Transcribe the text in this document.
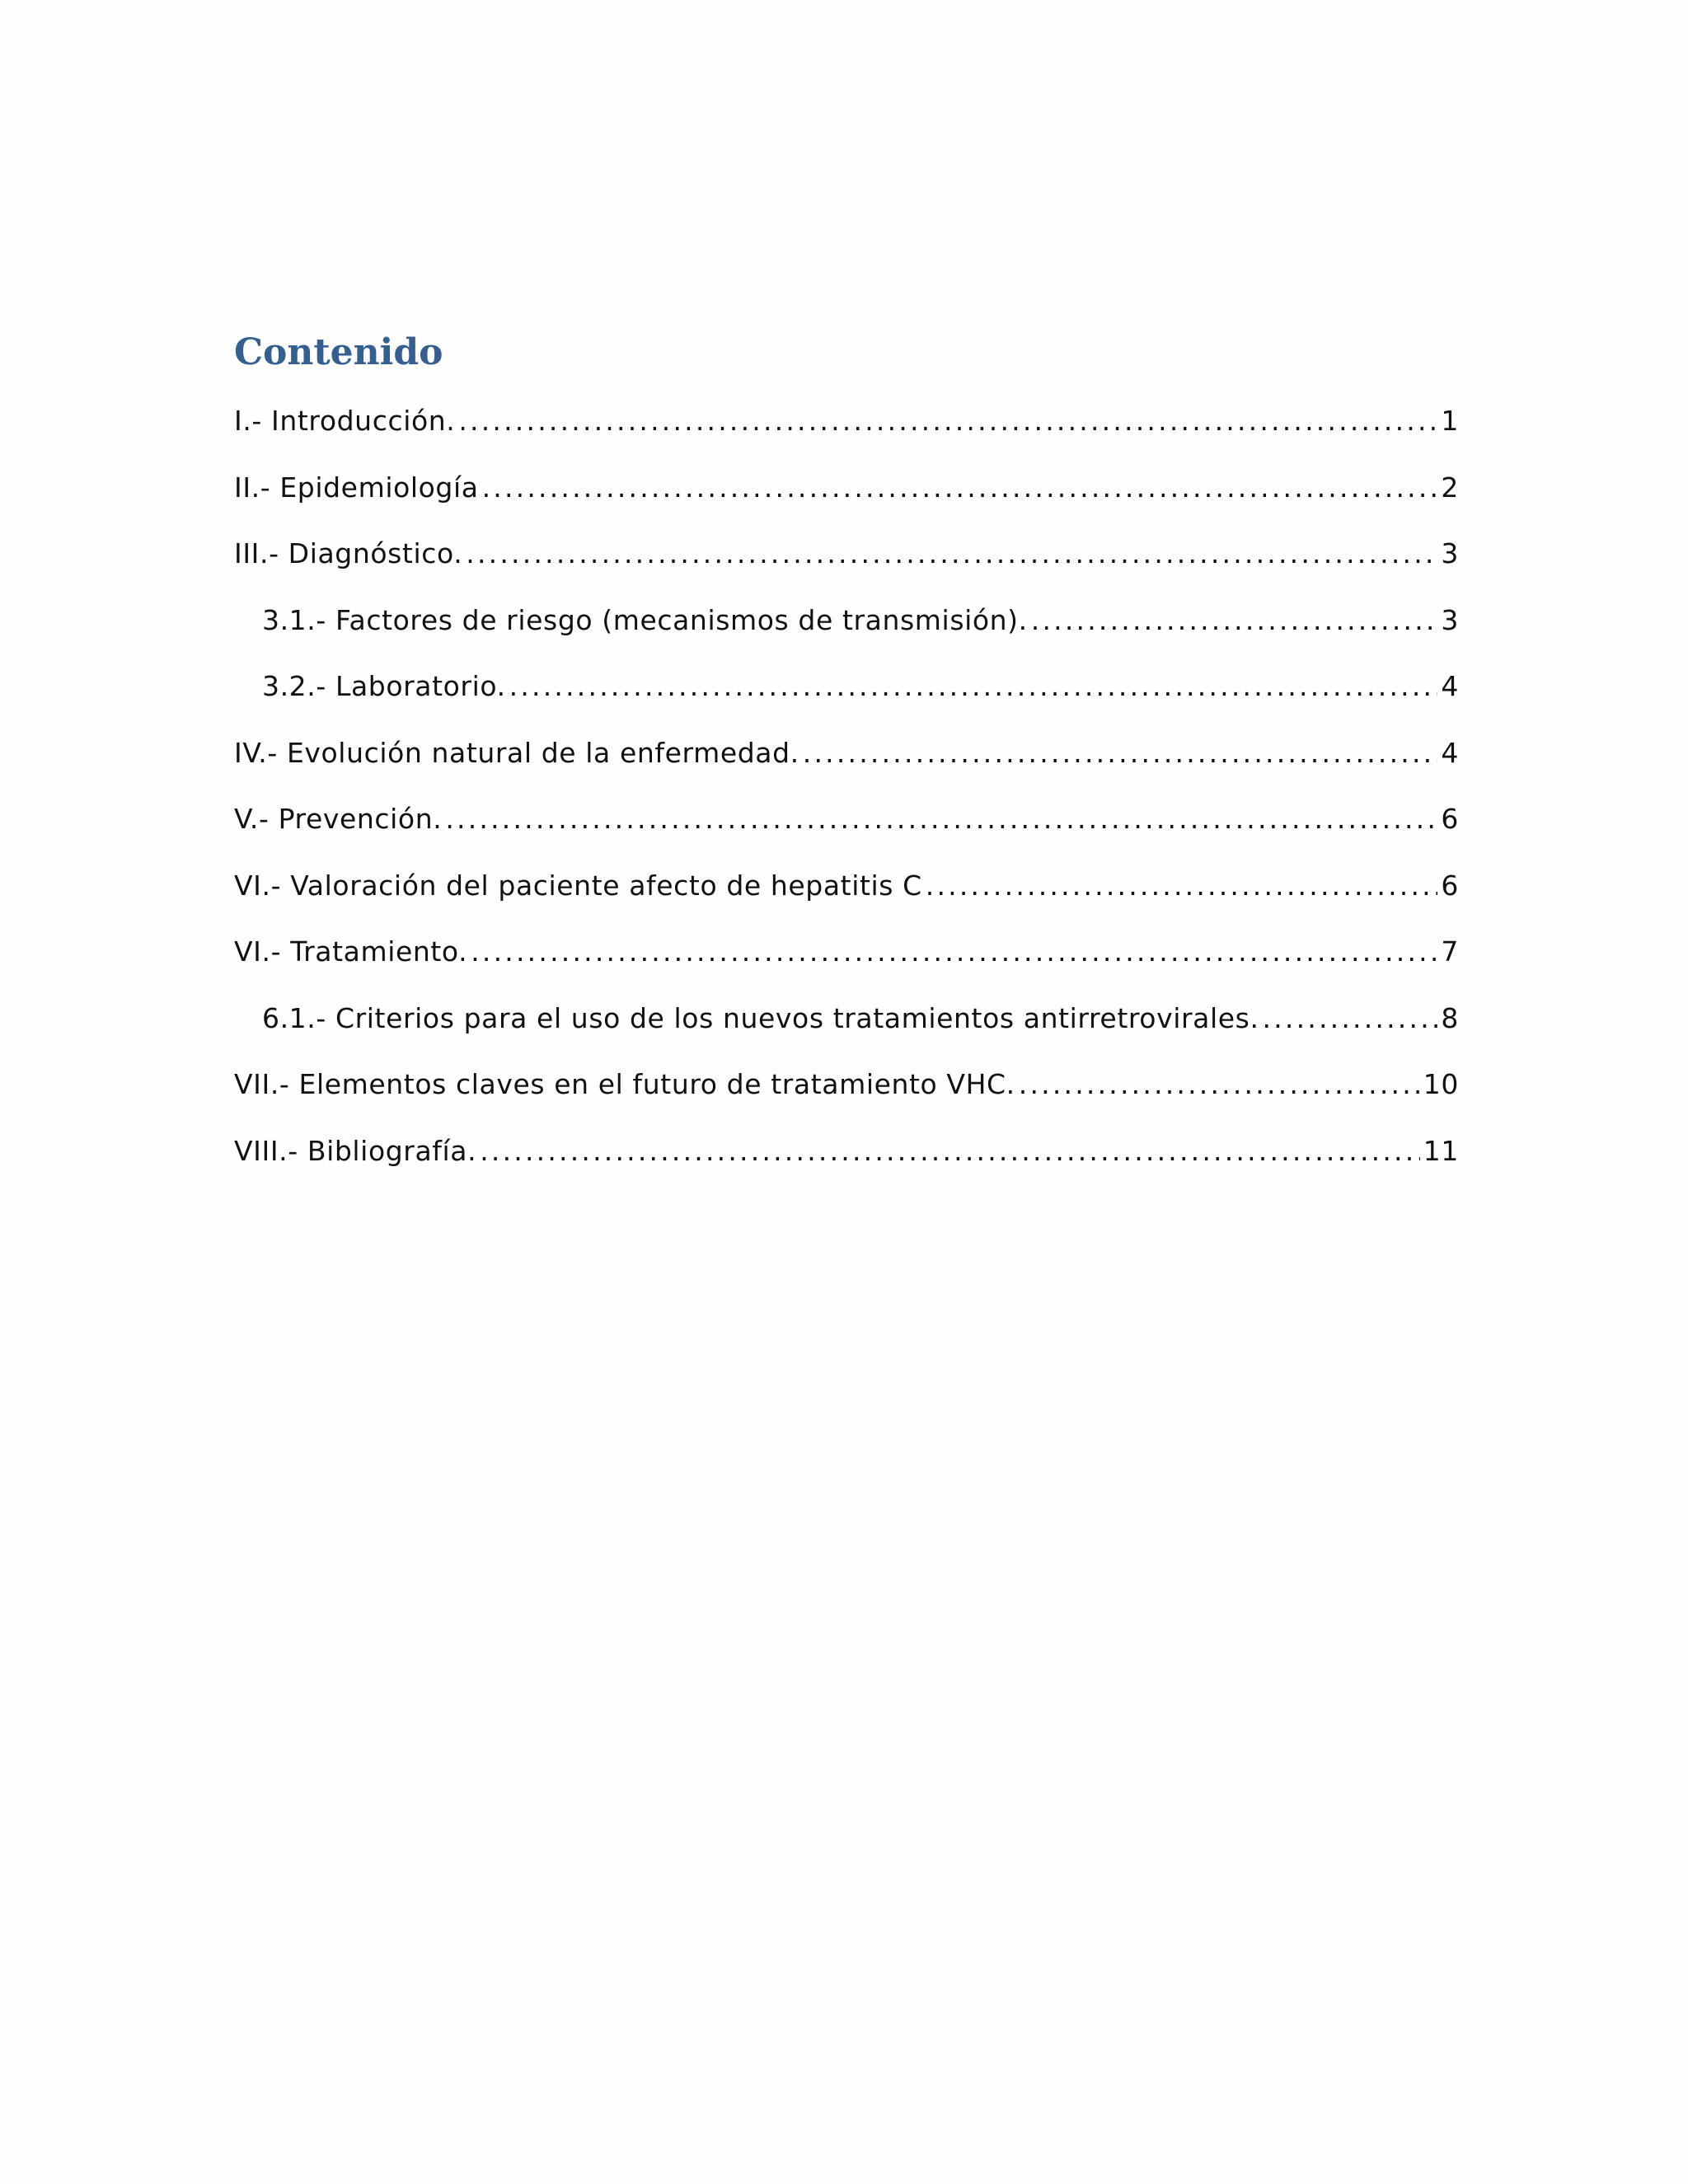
Contenido
I.- Introducción. .....	1
II.- Epidemiología .....	2
III.- Diagnóstico. .....	3
3.1.- Factores de riesgo (mecanismos de transmisión). .....	3
3.2.- Laboratorio. .....	4
IV.- Evolución natural de la enfermedad. .....	4
V.- Prevención. .....	6
VI.- Valoración del paciente afecto de hepatitis C .....	6
VI.- Tratamiento. .....	7
6.1.- Criterios para el uso de los nuevos tratamientos antirretrovirales. .....	8
VII.- Elementos claves en el futuro de tratamiento VHC. .....	10
VIII.- Bibliografía. .....	11
